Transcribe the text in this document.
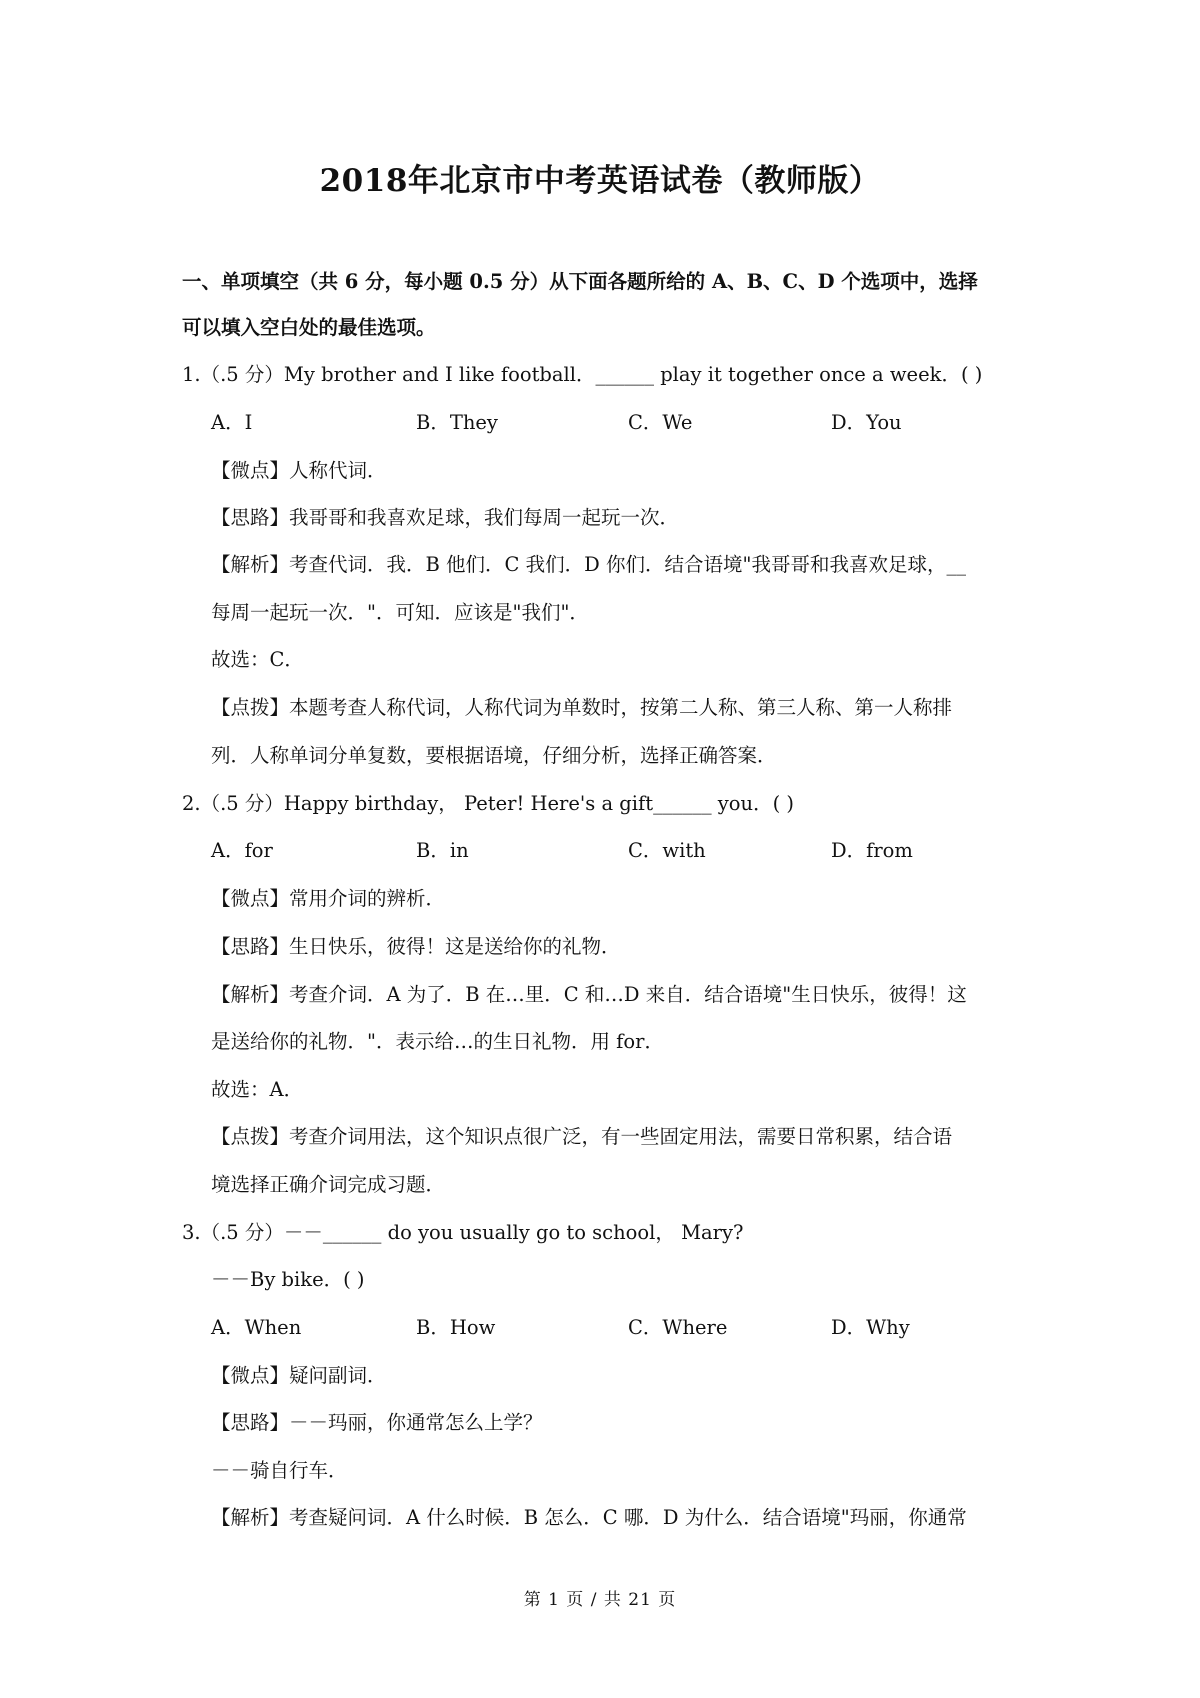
2018年北京市中考英语试卷（教师版）
一、单项填空（共 6 分，每小题 0.5 分）从下面各题所给的 A、B、C、D 个选项中，选择
可以填入空白处的最佳选项。
1.（.5 分）My brother and I like football．______ play it together once a week．( )
A．I	B．They	C．We	D．You
【微点】人称代词．
【思路】我哥哥和我喜欢足球，我们每周一起玩一次．
【解析】考查代词．我．B 他们．C 我们．D 你们．结合语境"我哥哥和我喜欢足球，__
每周一起玩一次．"．可知．应该是"我们"．
故选：C．
【点拨】本题考查人称代词，人称代词为单数时，按第二人称、第三人称、第一人称排
列．人称单词分单复数，要根据语境，仔细分析，选择正确答案．
2.（.5 分）Happy birthday， Peter! Here's a gift______ you．( )
A．for	B．in	C．with	D．from
【微点】常用介词的辨析．
【思路】生日快乐，彼得！这是送给你的礼物．
【解析】考查介词．A 为了．B 在…里．C 和…D 来自．结合语境"生日快乐，彼得！这
是送给你的礼物．"．表示给…的生日礼物．用 for．
故选：A．
【点拨】考查介词用法，这个知识点很广泛，有一些固定用法，需要日常积累，结合语
境选择正确介词完成习题．
3.（.5 分）－－______ do you usually go to school， Mary?
－－By bike．( )
A．When	B．How	C．Where	D．Why
【微点】疑问副词．
【思路】－－玛丽，你通常怎么上学？
－－骑自行车．
【解析】考查疑问词．A 什么时候．B 怎么．C 哪．D 为什么．结合语境"玛丽，你通常
第 1 页 / 共 21 页
